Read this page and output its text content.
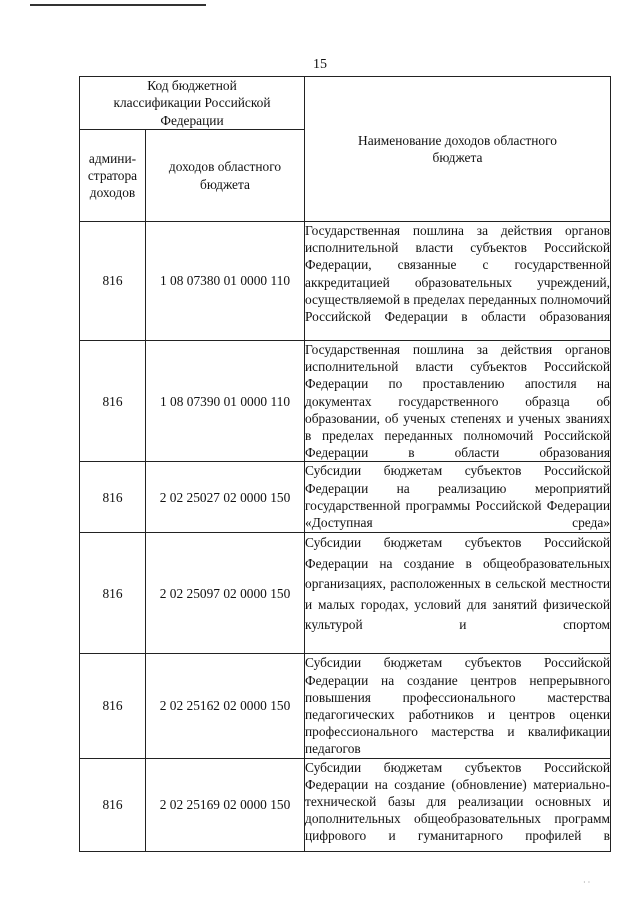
15
Код бюджетной классификации Российской Федерации		Наименование доходов областного бюджета
админи- стратора доходов	доходов областного бюджета	
816	1 08 07380 01 0000 110	Государственная пошлина за действия органов исполнительной власти субъектов Российской Федерации, связанные с государственной аккредитацией образовательных учреждений, осуществляемой в пределах переданных полномочий Российской Федерации в области образования

816	1 08 07390 01 0000 110	Государственная пошлина за действия органов исполнительной власти субъектов Российской Федерации по проставлению апостиля на документах государственного образца об образовании, об ученых степенях и ученых званиях в пределах переданных полномочий Российской Федерации в области образования

816	2 02 25027 02 0000 150	Субсидии бюджетам субъектов Российской Федерации на реализацию мероприятий государственной программы Российской Федерации «Доступная среда»

816	2 02 25097 02 0000 150	Субсидии бюджетам субъектов Российской Федерации на создание в общеобразовательных организациях, расположенных в сельской местности и малых городах, условий для занятий физической культурой и спортом

816	2 02 25162 02 0000 150	Субсидии бюджетам субъектов Российской Федерации на создание центров непрерывного повышения профессионального мастерства педагогических работников и центров оценки профессионального мастерства и квалификации педагогов

816	2 02 25169 02 0000 150	Субсидии бюджетам субъектов Российской Федерации на создание (обновление) материально-технической базы для реализации основных и дополнительных общеобразовательных программ цифрового и гуманитарного профилей в
· ·
